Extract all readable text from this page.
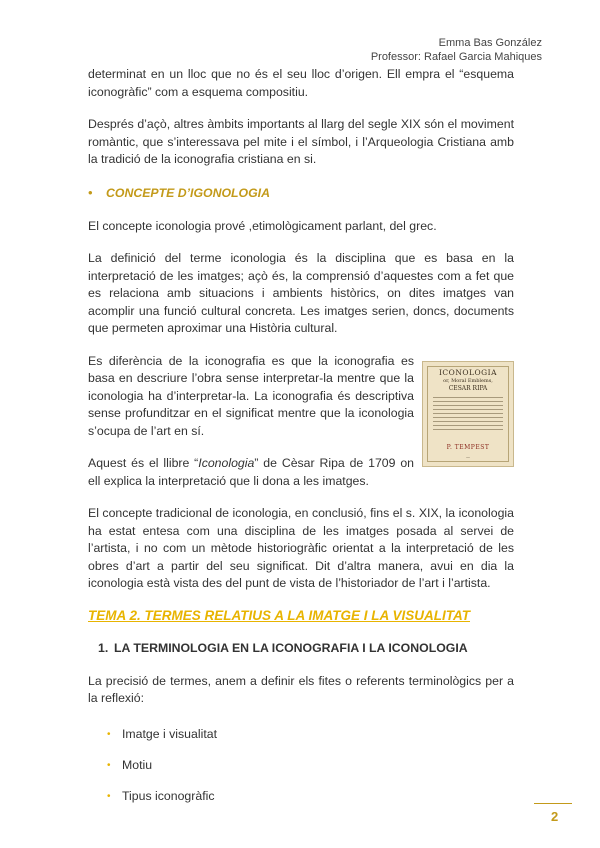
Emma Bas González
Professor: Rafael Garcia Mahiques

determinat en un lloc que no és el seu lloc d’origen. Ell empra el “esquema iconogràfic” com a esquema compositiu.

Després d’açò, altres àmbits importants al llarg del segle XIX són el moviment romàntic, que s’interessava pel mite i el símbol, i l’Arqueologia Cristiana amb la tradició de la iconografia cristiana en si.

• CONCEPTE D’IGONOLOGIA

El concepte iconologia prové ,etimològicament parlant, del grec.

La definició del terme iconologia és la disciplina que es basa en la interpretació de les imatges; açò és, la comprensió d’aquestes com a fet que es relaciona amb situacions i ambients històrics, on dites imatges van acomplir una funció cultural concreta. Les imatges serien, doncs, documents que permeten aproximar una Història cultural.

ICONOLOGIA
or, Moral Emblems,
CESAR RIPA
P. TEMPEST
—

Es diferència de la iconografia es que la iconografia es basa en descriure l’obra sense interpretar-la mentre que la iconologia ha d’interpretar-la. La iconografia és descriptiva sense profunditzar en el significat mentre que la iconologia s’ocupa de l’art en sí.

Aquest és el llibre “Iconologia” de Cèsar Ripa de 1709 on ell explica la interpretació que li dona a les imatges.

El concepte tradicional de iconologia, en conclusió, fins el s. XIX, la iconologia ha estat entesa com una disciplina de les imatges posada al servei de l’artista, i no com un mètode historiogràfic orientat a la interpretació de les obres d’art a partir del seu significat. Dit d’altra manera, avui en dia la iconologia està vista des del punt de vista de l’historiador de l’art i l’artista.

TEMA 2. TERMES RELATIUS A LA IMATGE I LA VISUALITAT
1. LA TERMINOLOGIA EN LA ICONOGRAFIA I LA ICONOLOGIA

La precisió de termes, anem a definir els fites o referents terminològics per a la reflexió:

• Imatge i visualitat
• Motiu
• Tipus iconogràfic
2
